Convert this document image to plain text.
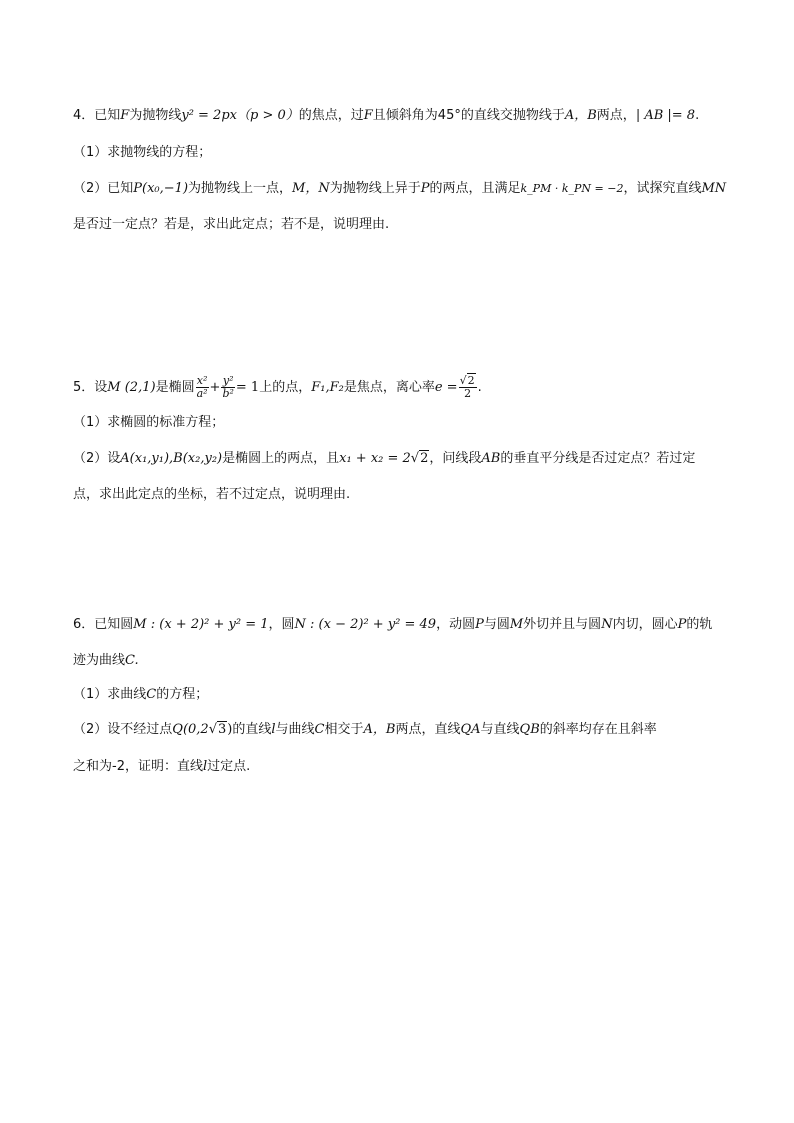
4．已知F为抛物线y² = 2px（p > 0）的焦点，过F且倾斜角为45°的直线交抛物线于A，B两点，| AB |= 8.
（1）求抛物线的方程；
（2）已知P(x₀,−1)为抛物线上一点，M，N为抛物线上异于P的两点，且满足k_PM · k_PN = −2，试探究直线MN
是否过一定点？若是，求出此定点；若不是，说明理由.
5．设M (2,1)是椭圆 $\frac{\text{x²}}{\text{a²}} + \frac{\text{y²}}{\text{b²}} = 1$上的点，F₁,F₂是焦点，离心率$e = \frac{√2}{2}$ .
（1）求椭圆的标准方程；
（2）设A(x₁,y₁),B(x₂,y₂)是椭圆上的两点，且x₁ + x₂ = 2√2，问线段AB的垂直平分线是否过定点？若过定
点，求出此定点的坐标，若不过定点，说明理由.
6．已知圆M : (x + 2)² + y² = 1，圆N : (x − 2)² + y² = 49，动圆P与圆M外切并且与圆N内切，圆心P的轨
迹为曲线C.
（1）求曲线C的方程；
（2）设不经过点Q(0,2√3)的直线l与曲线C相交于A，B两点，直线QA与直线QB的斜率均存在且斜率
之和为-2，证明：直线l过定点.
